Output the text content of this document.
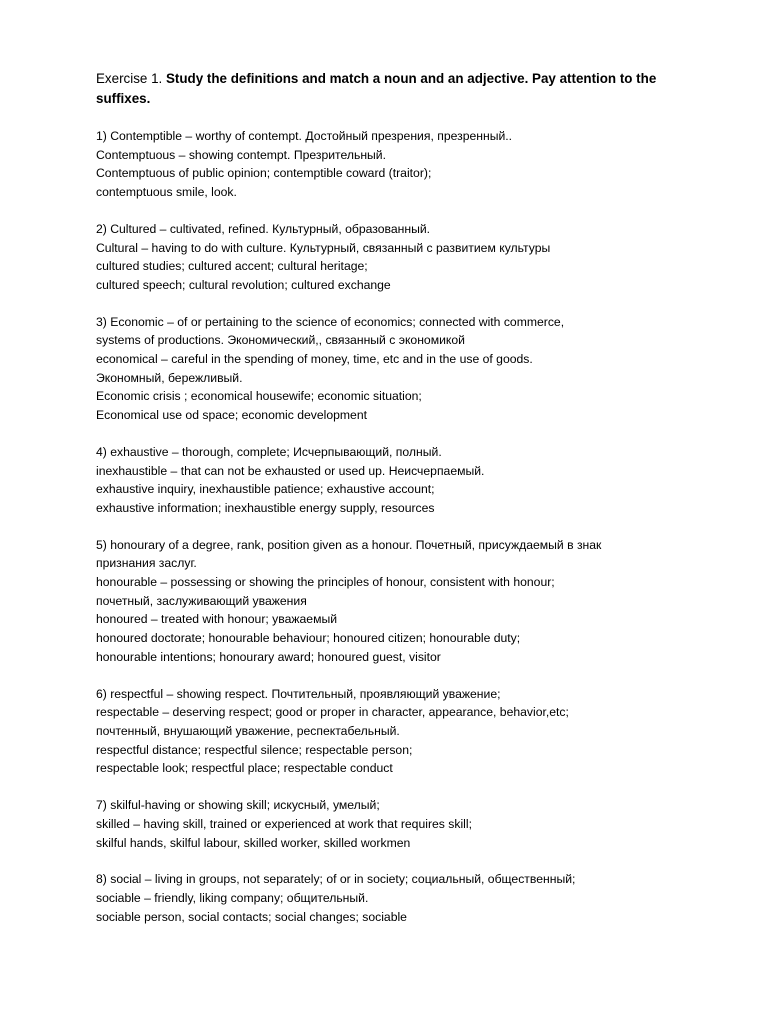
Exercise 1. Study the definitions and match a noun and an adjective. Pay attention to the
suffixes.
1) Contemptible – worthy of contempt. Достойный презрения, презренный..
Contemptuous – showing contempt. Презрительный.
Contemptuous of public opinion; contemptible coward (traitor);
contemptuous smile, look.
2) Cultured – cultivated, refined. Культурный, образованный.
Cultural – having to do with culture. Культурный, связанный с развитием культуры
cultured studies; cultured accent; cultural heritage;
cultured speech; cultural revolution; cultured exchange
3) Economic – of or pertaining to the science of economics; connected with commerce,
systems of productions. Экономический,, связанный с экономикой
economical – careful in the spending of money, time, etc and in the use of goods.
Экономный, бережливый.
Economic crisis ; economical housewife; economic situation;
Economical use od space; economic development
4) exhaustive – thorough, complete; Исчерпывающий, полный.
inexhaustible – that can not be exhausted or used up. Неисчерпаемый.
exhaustive inquiry, inexhaustible patience; exhaustive account;
exhaustive information; inexhaustible energy supply, resources
5) honourary of a degree, rank, position given as a honour. Почетный, присуждаемый в знак
признания заслуг.
honourable – possessing or showing the principles of honour, consistent with honour;
почетный, заслуживающий уважения
honoured – treated with honour; уважаемый
honoured doctorate; honourable behaviour; honoured citizen; honourable duty;
honourable intentions; honourary award; honoured guest, visitor
6) respectful – showing respect. Почтительный, проявляющий уважение;
respectable – deserving respect; good or proper in character, appearance, behavior,etc;
почтенный, внушающий уважение, респектабельный.
respectful distance; respectful silence; respectable person;
respectable look; respectful place; respectable conduct
7) skilful-having or showing skill; искусный, умелый;
skilled – having skill, trained or experienced at work that requires skill;
skilful hands, skilful labour, skilled worker, skilled workmen
8) social – living in groups, not separately; of or in society; социальный, общественный;
sociable – friendly, liking company; общительный.
sociable person, social contacts; social changes; sociable
